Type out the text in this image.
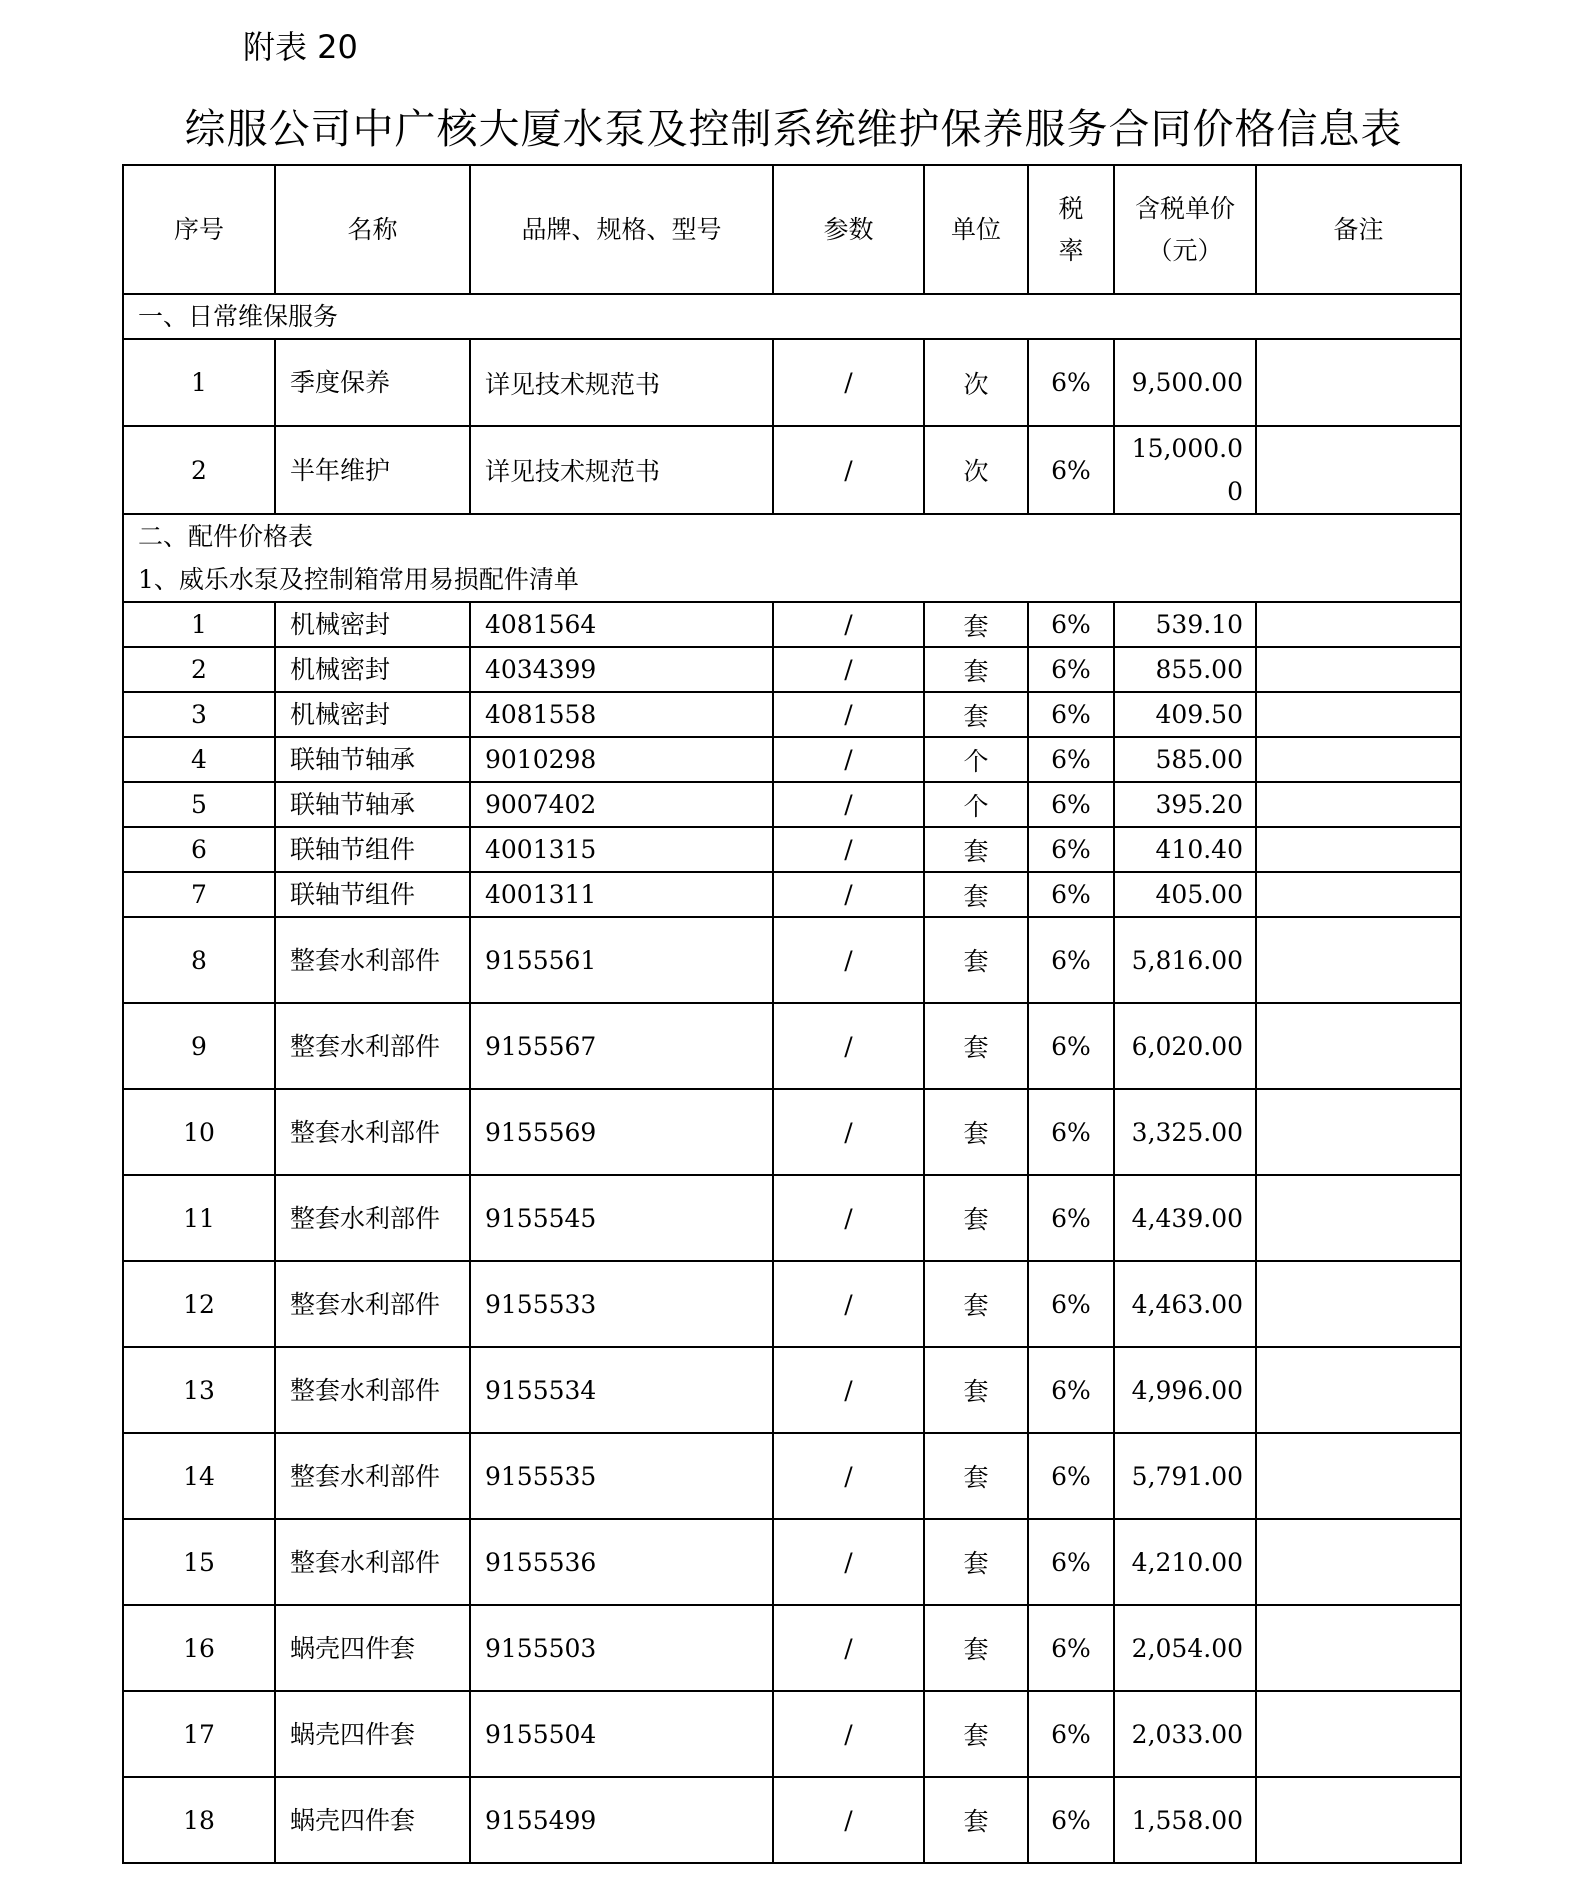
附表 20
综服公司中广核大厦水泵及控制系统维护保养服务合同价格信息表
序号	名称	品牌、规格、型号	参数	单位	税率	含税单价（元）	备注
一、日常维保服务							
1	季度保养	详见技术规范书	/	次	6%	9,500.00	
2	半年维护	详见技术规范书	/	次	6%	15,000.00	

二、配件价格表
1、威乐水泵及控制箱常用易损配件清单							

1	机械密封	4081564	/	套	6%	539.10	
2	机械密封	4034399	/	套	6%	855.00	
3	机械密封	4081558	/	套	6%	409.50	
4	联轴节轴承	9010298	/	个	6%	585.00	
5	联轴节轴承	9007402	/	个	6%	395.20	
6	联轴节组件	4001315	/	套	6%	410.40	
7	联轴节组件	4001311	/	套	6%	405.00	
8	整套水利部件	9155561	/	套	6%	5,816.00	
9	整套水利部件	9155567	/	套	6%	6,020.00	
10	整套水利部件	9155569	/	套	6%	3,325.00	
11	整套水利部件	9155545	/	套	6%	4,439.00	
12	整套水利部件	9155533	/	套	6%	4,463.00	
13	整套水利部件	9155534	/	套	6%	4,996.00	
14	整套水利部件	9155535	/	套	6%	5,791.00	
15	整套水利部件	9155536	/	套	6%	4,210.00	
16	蜗壳四件套	9155503	/	套	6%	2,054.00	
17	蜗壳四件套	9155504	/	套	6%	2,033.00	
18	蜗壳四件套	9155499	/	套	6%	1,558.00	
